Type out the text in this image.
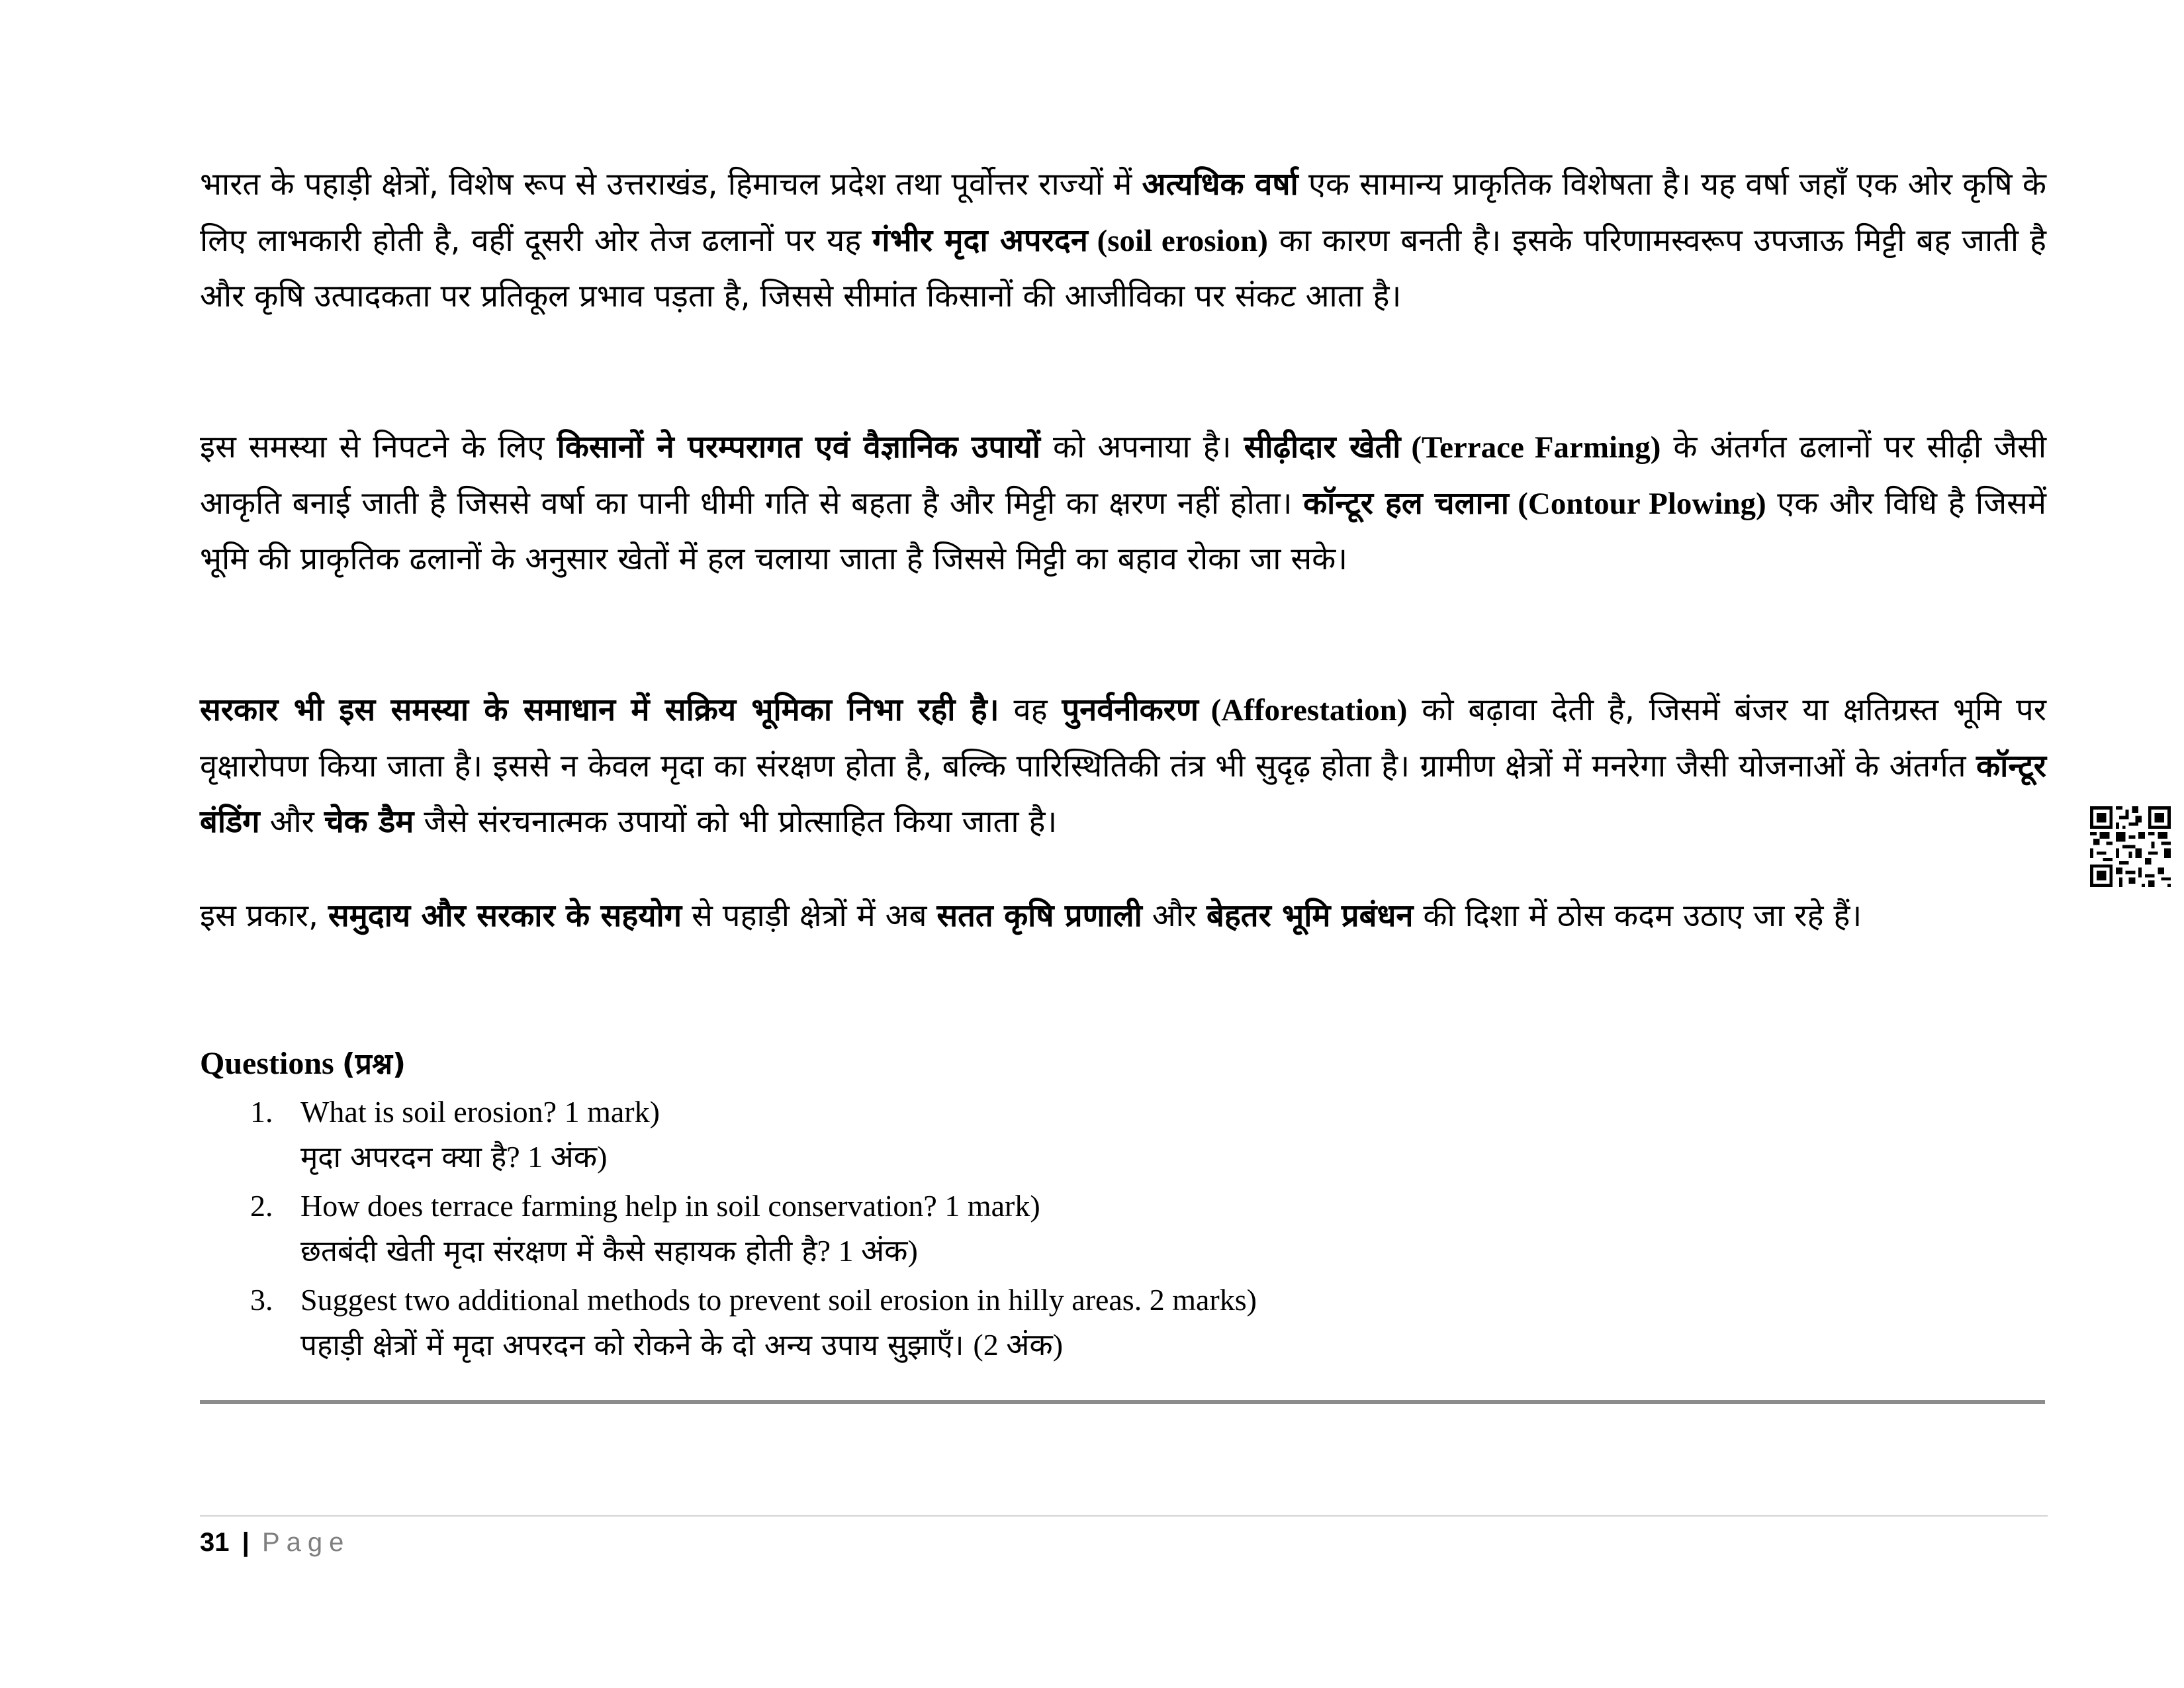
भारत के पहाड़ी क्षेत्रों, विशेष रूप से उत्तराखंड, हिमाचल प्रदेश तथा पूर्वोत्तर राज्यों में अत्यधिक वर्षा एक सामान्य प्राकृतिक विशेषता है। यह वर्षा जहाँ एक ओर कृषि के लिए लाभकारी होती है, वहीं दूसरी ओर तेज ढलानों पर यह गंभीर मृदा अपरदन (soil erosion) का कारण बनती है। इसके परिणामस्वरूप उपजाऊ मिट्टी बह जाती है और कृषि उत्पादकता पर प्रतिकूल प्रभाव पड़ता है, जिससे सीमांत किसानों की आजीविका पर संकट आता है।

इस समस्या से निपटने के लिए किसानों ने परम्परागत एवं वैज्ञानिक उपायों को अपनाया है। सीढ़ीदार खेती (Terrace Farming) के अंतर्गत ढलानों पर सीढ़ी जैसी आकृति बनाई जाती है जिससे वर्षा का पानी धीमी गति से बहता है और मिट्टी का क्षरण नहीं होता। कॉन्टूर हल चलाना (Contour Plowing) एक और विधि है जिसमें भूमि की प्राकृतिक ढलानों के अनुसार खेतों में हल चलाया जाता है जिससे मिट्टी का बहाव रोका जा सके।

सरकार भी इस समस्या के समाधान में सक्रिय भूमिका निभा रही है। वह पुनर्वनीकरण (Afforestation) को बढ़ावा देती है, जिसमें बंजर या क्षतिग्रस्त भूमि पर वृक्षारोपण किया जाता है। इससे न केवल मृदा का संरक्षण होता है, बल्कि पारिस्थितिकी तंत्र भी सुदृढ़ होता है। ग्रामीण क्षेत्रों में मनरेगा जैसी योजनाओं के अंतर्गत कॉन्टूर बंडिंग और चेक डैम जैसे संरचनात्मक उपायों को भी प्रोत्साहित किया जाता है।

इस प्रकार, समुदाय और सरकार के सहयोग से पहाड़ी क्षेत्रों में अब सतत कृषि प्रणाली और बेहतर भूमि प्रबंधन की दिशा में ठोस कदम उठाए जा रहे हैं।

Questions (प्रश्न)

1. What is soil erosion? 1 mark)
मृदा अपरदन क्या है? 1 अंक)
2. How does terrace farming help in soil conservation? 1 mark)
छतबंदी खेती मृदा संरक्षण में कैसे सहायक होती है? 1 अंक)
3. Suggest two additional methods to prevent soil erosion in hilly areas. 2 marks)
पहाड़ी क्षेत्रों में मृदा अपरदन को रोकने के दो अन्य उपाय सुझाएँ। (2 अंक)
31 | Page
